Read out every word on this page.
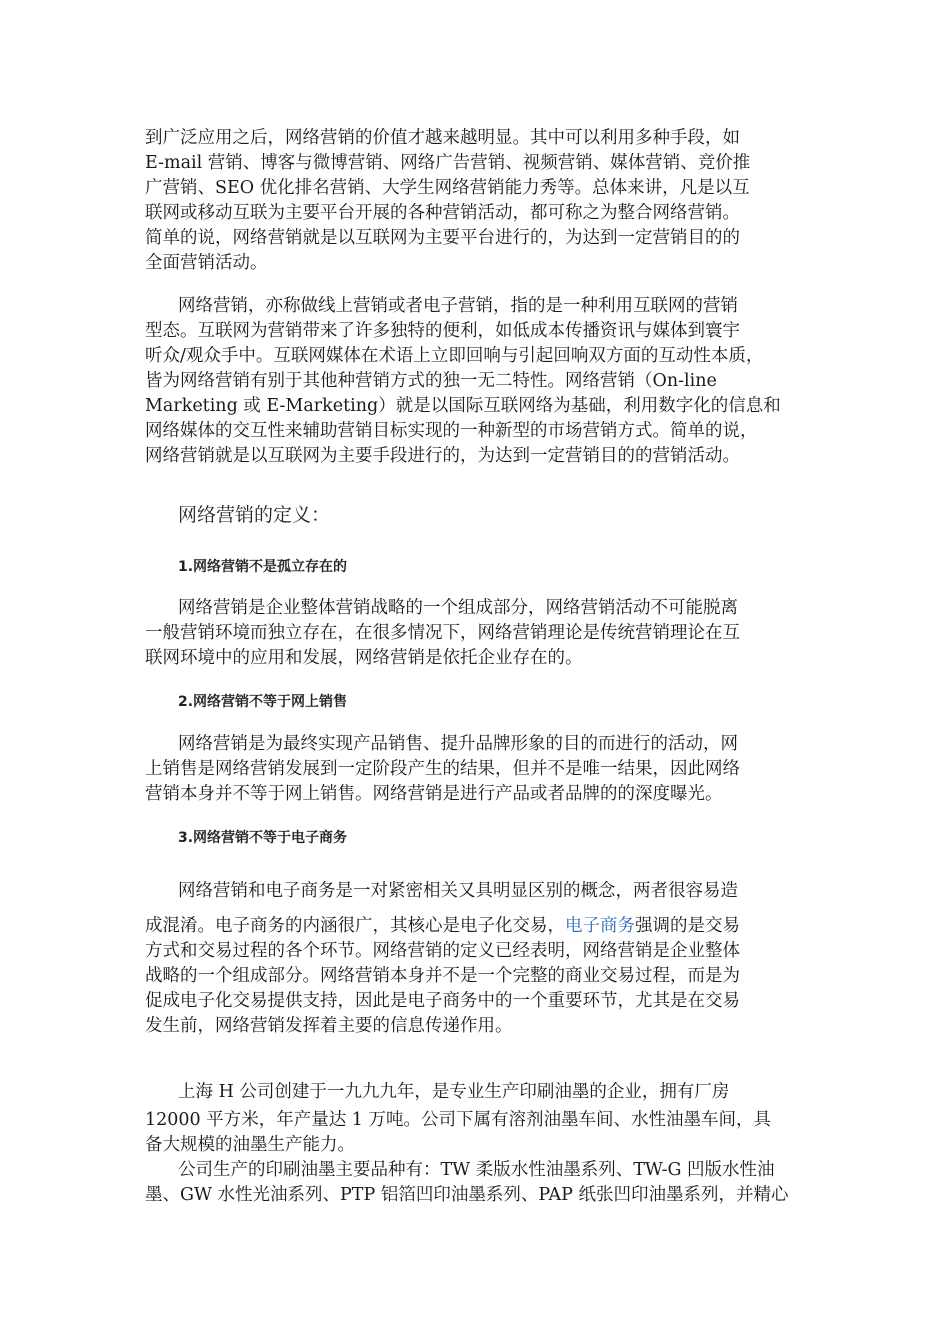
到广泛应用之后，网络营销的价值才越来越明显。其中可以利用多种手段，如
E-mail 营销、博客与微博营销、网络广告营销、视频营销、媒体营销、竞价推
广营销、SEO 优化排名营销、大学生网络营销能力秀等。总体来讲，凡是以互
联网或移动互联为主要平台开展的各种营销活动，都可称之为整合网络营销。
简单的说，网络营销就是以互联网为主要平台进行的，为达到一定营销目的的
全面营销活动。
网络营销，亦称做线上营销或者电子营销，指的是一种利用互联网的营销
型态。互联网为营销带来了许多独特的便利，如低成本传播资讯与媒体到寰宇
听众/观众手中。互联网媒体在术语上立即回响与引起回响双方面的互动性本质，
皆为网络营销有别于其他种营销方式的独一无二特性。网络营销（On-line
Marketing 或 E-Marketing）就是以国际互联网络为基础，利用数字化的信息和
网络媒体的交互性来辅助营销目标实现的一种新型的市场营销方式。简单的说，
网络营销就是以互联网为主要手段进行的，为达到一定营销目的的营销活动。
网络营销的定义：
1.网络营销不是孤立存在的
网络营销是企业整体营销战略的一个组成部分，网络营销活动不可能脱离
一般营销环境而独立存在，在很多情况下，网络营销理论是传统营销理论在互
联网环境中的应用和发展，网络营销是依托企业存在的。
2.网络营销不等于网上销售
网络营销是为最终实现产品销售、提升品牌形象的目的而进行的活动，网
上销售是网络营销发展到一定阶段产生的结果，但并不是唯一结果，因此网络
营销本身并不等于网上销售。网络营销是进行产品或者品牌的的深度曝光。
3.网络营销不等于电子商务
网络营销和电子商务是一对紧密相关又具明显区别的概念，两者很容易造
成混淆。电子商务的内涵很广，其核心是电子化交易，电子商务强调的是交易
方式和交易过程的各个环节。网络营销的定义已经表明，网络营销是企业整体
战略的一个组成部分。网络营销本身并不是一个完整的商业交易过程，而是为
促成电子化交易提供支持，因此是电子商务中的一个重要环节，尤其是在交易
发生前，网络营销发挥着主要的信息传递作用。
上海 H 公司创建于一九九九年，是专业生产印刷油墨的企业，拥有厂房
12000 平方米，年产量达 1 万吨。公司下属有溶剂油墨车间、水性油墨车间，具
备大规模的油墨生产能力。
公司生产的印刷油墨主要品种有：TW 柔版水性油墨系列、TW-G 凹版水性油
墨、GW 水性光油系列、PTP 铝箔凹印油墨系列、PAP 纸张凹印油墨系列，并精心
